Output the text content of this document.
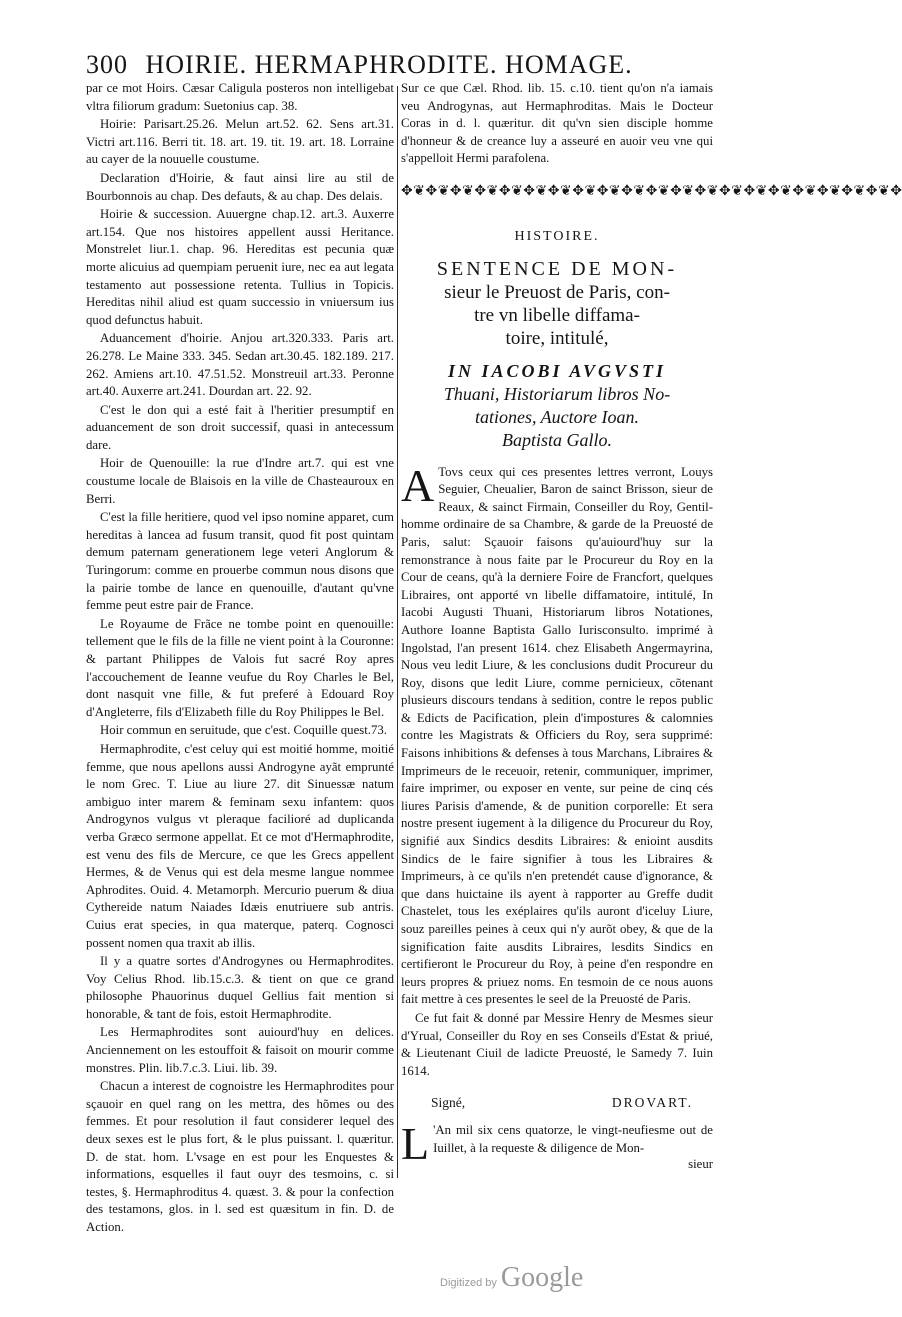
300 HOIRIE. HERMAPHRODITE. HOMAGE.

par ce mot Hoirs. Cæsar Caligula posteros non intelligebat vltra filiorum gradum: Suetonius cap. 38.

Hoirie: Parisart.25.26. Melun art.52. 62. Sens art.31. Victri art.116. Berri tit. 18. art. 19. tit. 19. art. 18. Lorraine au cayer de la nouuelle coustume.

Declaration d'Hoirie, & faut ainsi lire au stil de Bourbonnois au chap. Des defauts, & au chap. Des delais.

Hoirie & succession. Auuergne chap.12. art.3. Auxerre art.154. Que nos histoires appellent aussi Heritance. Monstrelet liur.1. chap. 96. Hereditas est pecunia quæ morte alicuius ad quempiam peruenit iure, nec ea aut legata testamento aut possessione retenta. Tullius in Topicis. Hereditas nihil aliud est quam successio in vniuersum ius quod defunctus habuit.

Aduancement d'hoirie. Anjou art.320.333. Paris art. 26.278. Le Maine 333. 345. Sedan art.30.45. 182.189. 217. 262. Amiens art.10. 47.51.52. Monstreuil art.33. Peronne art.40. Auxerre art.241. Dourdan art. 22. 92.

C'est le don qui a esté fait à l'heritier presumptif en aduancement de son droit successif, quasi in antecessum dare.

Hoir de Quenouille: la rue d'Indre art.7. qui est vne coustume locale de Blaisois en la ville de Chasteauroux en Berri.

C'est la fille heritiere, quod vel ipso nomine apparet, cum hereditas à lancea ad fusum transit, quod fit post quintam demum paternam generationem lege veteri Anglorum & Turingorum: comme en prouerbe commun nous disons que la pairie tombe de lance en quenouille, d'autant qu'vne femme peut estre pair de France.

Le Royaume de Frãce ne tombe point en quenouille: tellement que le fils de la fille ne vient point à la Couronne: & partant Philippes de Valois fut sacré Roy apres l'accouchement de Ieanne veufue du Roy Charles le Bel, dont nasquit vne fille, & fut preferé à Edouard Roy d'Angleterre, fils d'Elizabeth fille du Roy Philippes le Bel.

Hoir commun en seruitude, que c'est. Coquille quest.73.

Hermaphrodite, c'est celuy qui est moitié homme, moitié femme, que nous apellons aussi Androgyne ayãt emprunté le nom Grec. T. Liue au liure 27. dit Sinuessæ natum ambiguo inter marem & feminam sexu infantem: quos Androgynos vulgus vt pleraque facilioré ad duplicanda verba Græco sermone appellat. Et ce mot d'Hermaphrodite, est venu des fils de Mercure, ce que les Grecs appellent Hermes, & de Venus qui est dela mesme langue nommee Aphrodites. Ouid. 4. Metamorph. Mercurio puerum & diua Cythereide natum Naiades Idæis enutriuere sub antris. Cuius erat species, in qua materque, paterq. Cognosci possent nomen qua traxit ab illis.

Il y a quatre sortes d'Androgynes ou Hermaphrodites. Voy Celius Rhod. lib.15.c.3. & tient on que ce grand philosophe Phauorinus duquel Gellius fait mention si honorable, & tant de fois, estoit Hermaphrodite.

Les Hermaphrodites sont auiourd'huy en delices. Anciennement on les estouffoit & faisoit on mourir comme monstres. Plin. lib.7.c.3. Liui. lib. 39.

Chacun a interest de cognoistre les Hermaphrodites pour sçauoir en quel rang on les mettra, des hõmes ou des femmes. Et pour resolution il faut considerer lequel des deux sexes est le plus fort, & le plus puissant. l. quæritur. D. de stat. hom. L'vsage en est pour les Enquestes & informations, esquelles il faut ouyr des tesmoins, c. si testes, §. Hermaphroditus 4. quæst. 3. & pour la confection des testamons, glos. in l. sed est quæsitum in fin. D. de Action.

Sur ce que Cæl. Rhod. lib. 15. c.10. tient qu'on n'a iamais veu Androgynas, aut Hermaphroditas. Mais le Docteur Coras in d. l. quæritur. dit qu'vn sien disciple homme d'honneur & de creance luy a asseuré en auoir veu vne qui s'appelloit Hermi parafolena.

✥❦✥❦✥❦✥❦✥❦✥❦✥❦✥❦✥❦✥❦✥❦✥❦✥❦✥❦✥❦✥❦✥❦✥❦✥❦✥❦✥
HISTOIRE.
SENTENCE DE MON-
sieur le Preuost de Paris, con-
tre vn libelle diffama-
toire, intitulé,
IN IACOBI AVGVSTI
Thuani, Historiarum libros No-
tationes, Auctore Ioan.
Baptista Gallo.

A Tovs ceux qui ces presentes lettres verront, Louys Seguier, Cheualier, Baron de sainct Brisson, sieur de Reaux, & sainct Firmain, Conseiller du Roy, Gentil-homme ordinaire de sa Chambre, & garde de la Preuosté de Paris, salut: Sçauoir faisons qu'auiourd'huy sur la remonstrance à nous faite par le Procureur du Roy en la Cour de ceans, qu'à la derniere Foire de Francfort, quelques Libraires, ont apporté vn libelle diffamatoire, intitulé, In Iacobi Augusti Thuani, Historiarum libros Notationes, Authore Ioanne Baptista Gallo Iurisconsulto. imprimé à Ingolstad, l'an present 1614. chez Elisabeth Angermayrina, Nous veu ledit Liure, & les conclusions dudit Procureur du Roy, disons que ledit Liure, comme pernicieux, cõtenant plusieurs discours tendans à sedition, contre le repos public & Edicts de Pacification, plein d'impostures & calomnies contre les Magistrats & Officiers du Roy, sera supprimé: Faisons inhibitions & defenses à tous Marchans, Libraires & Imprimeurs de le receuoir, retenir, communiquer, imprimer, faire imprimer, ou exposer en vente, sur peine de cinq cés liures Parisis d'amende, & de punition corporelle: Et sera nostre present iugement à la diligence du Procureur du Roy, signifié aux Sindics desdits Libraires: & enioint ausdits Sindics de le faire signifier à tous les Libraires & Imprimeurs, à ce qu'ils n'en pretendét cause d'ignorance, & que dans huictaine ils ayent à rapporter au Greffe dudit Chastelet, tous les exéplaires qu'ils auront d'iceluy Liure, souz pareilles peines à ceux qui n'y aurõt obey, & que de la signification faite ausdits Libraires, lesdits Sindics en certifieront le Procureur du Roy, à peine d'en respondre en leurs propres & priuez noms. En tesmoin de ce nous auons fait mettre à ces presentes le seel de la Preuosté de Paris.

Ce fut fait & donné par Messire Henry de Mesmes sieur d'Yrual, Conseiller du Roy en ses Conseils d'Estat & priué, & Lieutenant Ciuil de ladicte Preuosté, le Samedy 7. Iuin 1614.

Signé,	DROVART.

L 'An mil six cens quatorze, le vingt-neufiesme out de Iuillet, à la requeste & diligence de Mon-

sieur
Digitized by Google
